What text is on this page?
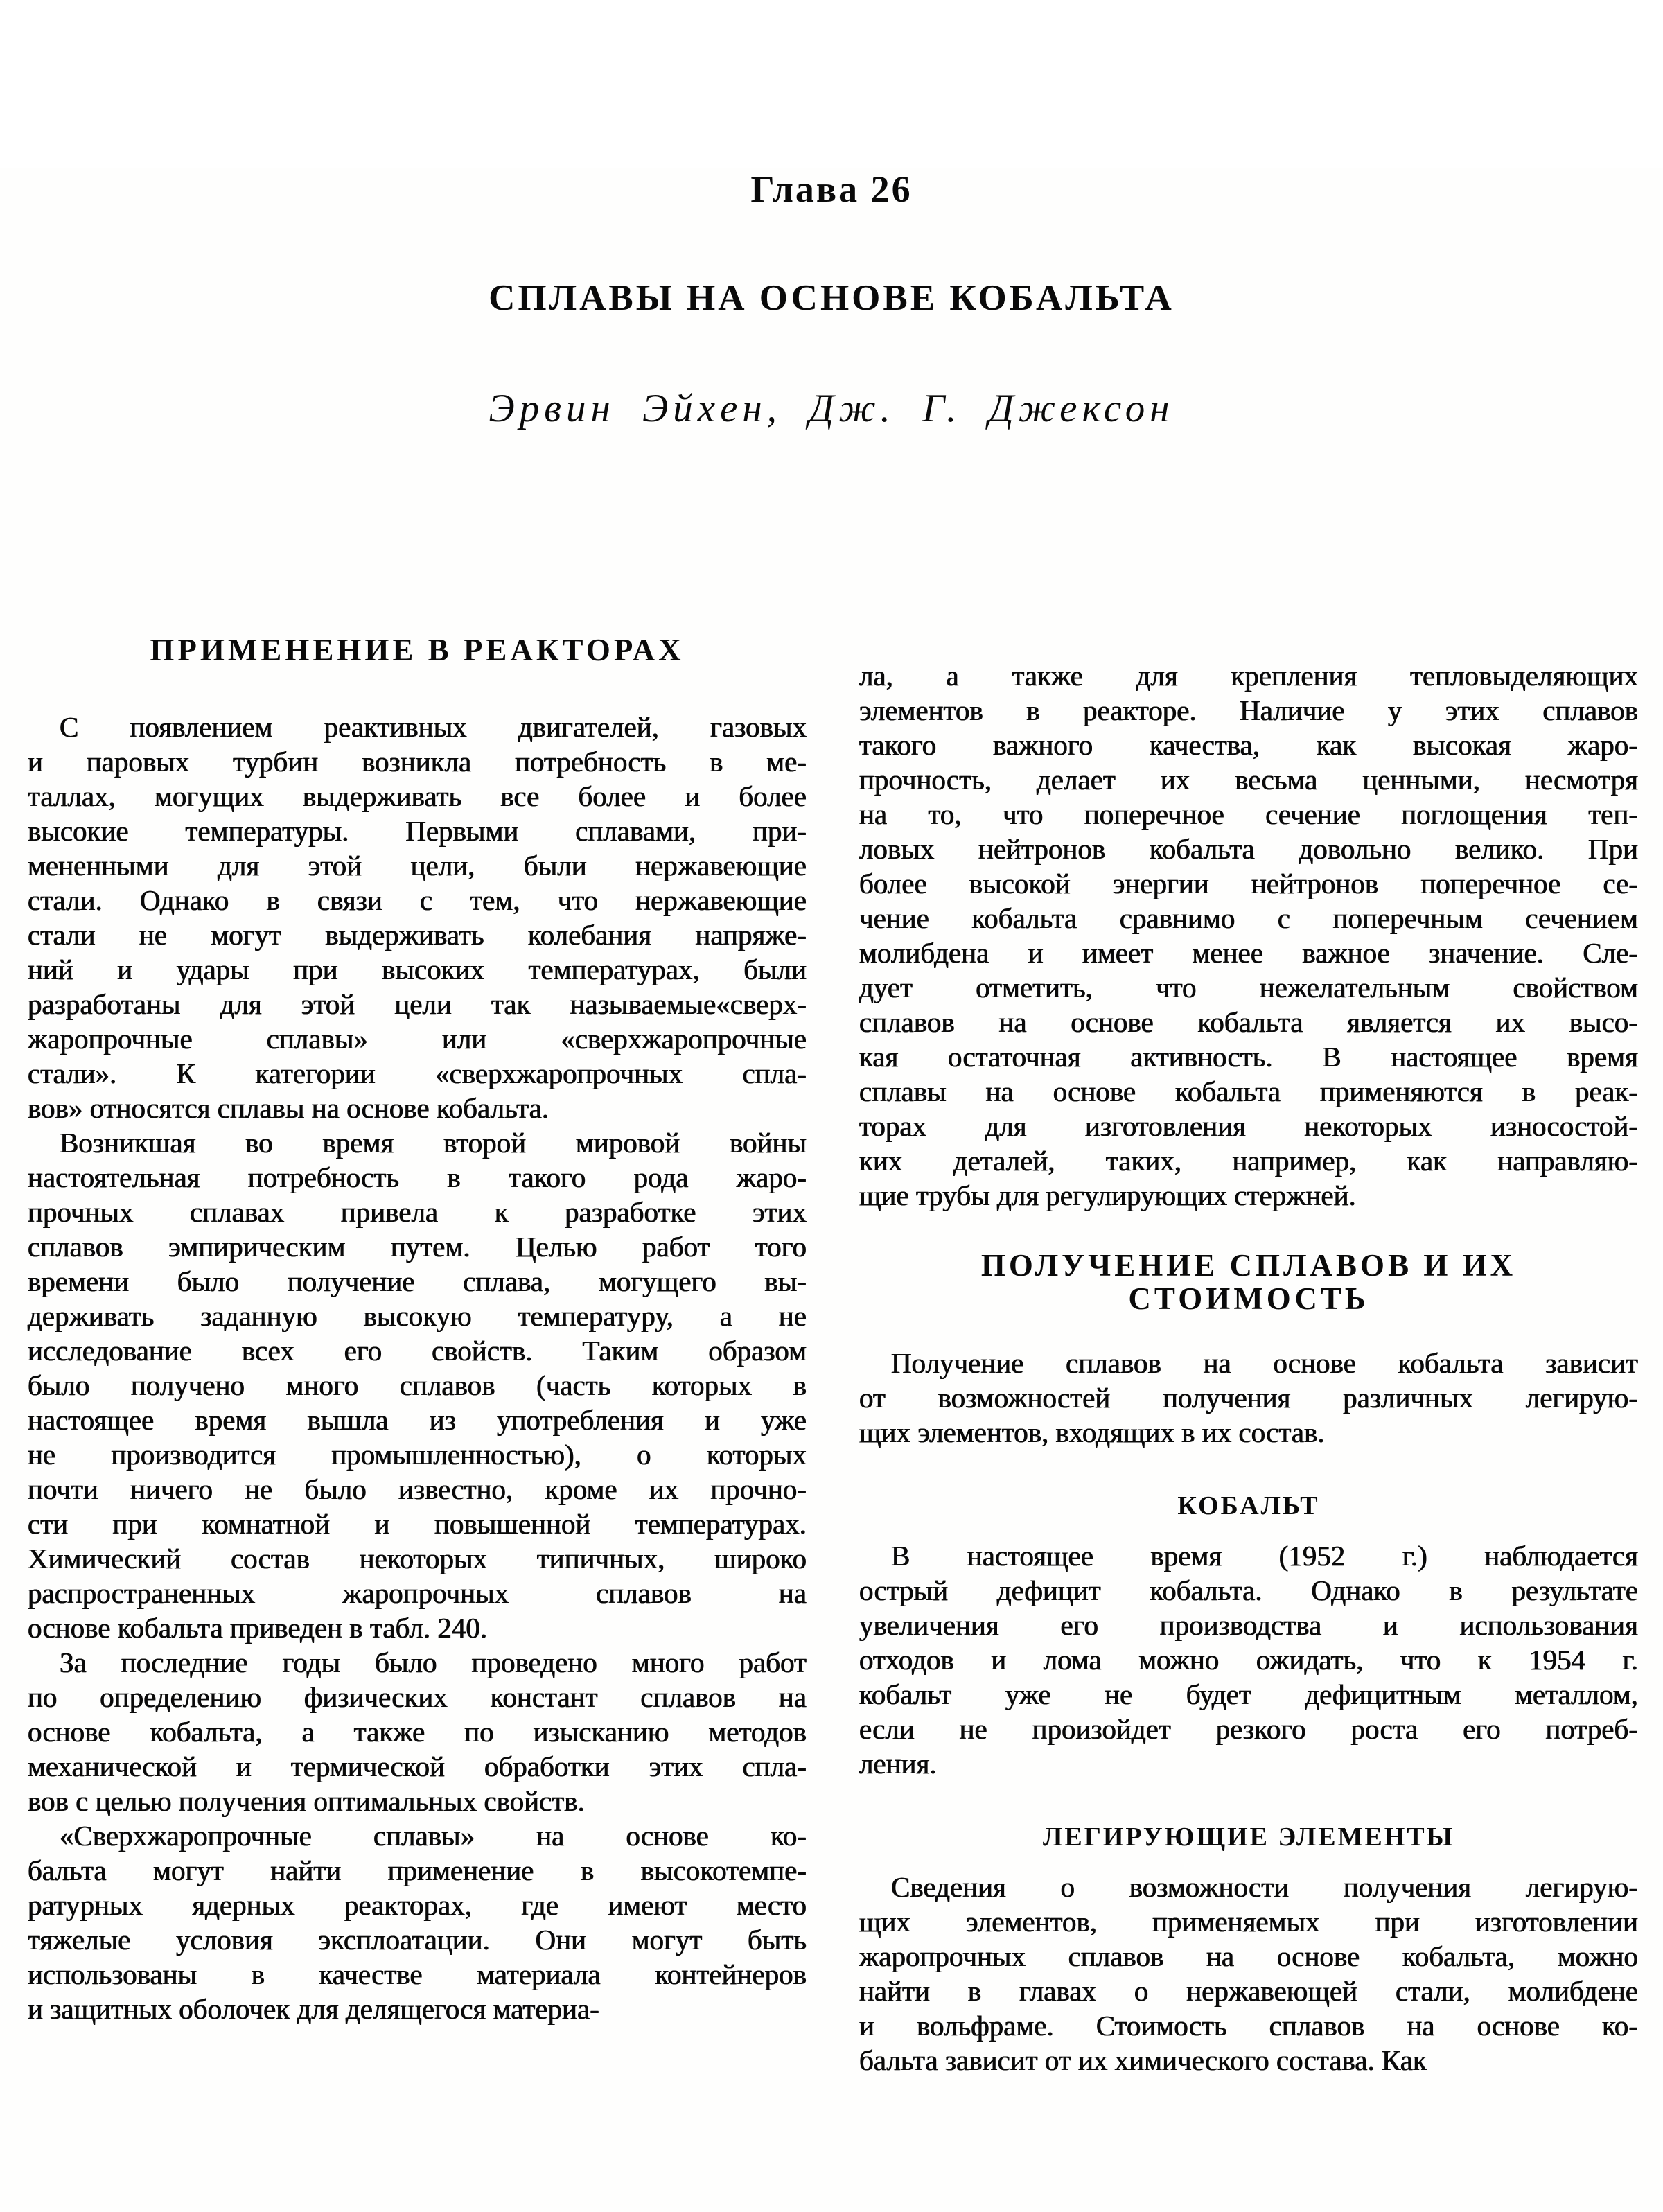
Глава 26
СПЛАВЫ НА ОСНОВЕ КОБАЛЬТА
Эрвин Эйхен, Дж. Г. Джексон
ПРИМЕНЕНИЕ В РЕАКТОРАХ
С появлением реактивных двигателей, газовых
и паровых турбин возникла потребность в ме-
таллах, могущих выдерживать все более и более
высокие температуры. Первыми сплавами, при-
мененными для этой цели, были нержавеющие
стали. Однако в связи с тем, что нержавеющие
стали не могут выдерживать колебания напряже-
ний и удары при высоких температурах, были
разработаны для этой цели так называемые«сверх-
жаропрочные сплавы» или «сверхжаропрочные
стали». К категории «сверхжаропрочных спла-
вов» относятся сплавы на основе кобальта.
Возникшая во время второй мировой войны
настоятельная потребность в такого рода жаро-
прочных сплавах привела к разработке этих
сплавов эмпирическим путем. Целью работ того
времени было получение сплава, могущего вы-
держивать заданную высокую температуру, а не
исследование всех его свойств. Таким образом
было получено много сплавов (часть которых в
настоящее время вышла из употребления и уже
не производится промышленностью), о которых
почти ничего не было известно, кроме их прочно-
сти при комнатной и повышенной температурах.
Химический состав некоторых типичных, широко
распространенных жаропрочных сплавов на
основе кобальта приведен в табл. 240.
За последние годы было проведено много работ
по определению физических констант сплавов на
основе кобальта, а также по изысканию методов
механической и термической обработки этих спла-
вов с целью получения оптимальных свойств.
«Сверхжаропрочные сплавы» на основе ко-
бальта могут найти применение в высокотемпе-
ратурных ядерных реакторах, где имеют место
тяжелые условия эксплоатации. Они могут быть
использованы в качестве материала контейнеров
и защитных оболочек для делящегося материа-
ла, а также для крепления тепловыделяющих
элементов в реакторе. Наличие у этих сплавов
такого важного качества, как высокая жаро-
прочность, делает их весьма ценными, несмотря
на то, что поперечное сечение поглощения теп-
ловых нейтронов кобальта довольно велико. При
более высокой энергии нейтронов поперечное се-
чение кобальта сравнимо с поперечным сечением
молибдена и имеет менее важное значение. Сле-
дует отметить, что нежелательным свойством
сплавов на основе кобальта является их высо-
кая остаточная активность. В настоящее время
сплавы на основе кобальта применяются в реак-
торах для изготовления некоторых износостой-
ких деталей, таких, например, как направляю-
щие трубы для регулирующих стержней.
ПОЛУЧЕНИЕ СПЛАВОВ И ИХ СТОИМОСТЬ
Получение сплавов на основе кобальта зависит
от возможностей получения различных легирую-
щих элементов, входящих в их состав.
КОБАЛЬТ
В настоящее время (1952 г.) наблюдается
острый дефицит кобальта. Однако в результате
увеличения его производства и использования
отходов и лома можно ожидать, что к 1954 г.
кобальт уже не будет дефицитным металлом,
если не произойдет резкого роста его потреб-
ления.
ЛЕГИРУЮЩИЕ ЭЛЕМЕНТЫ
Сведения о возможности получения легирую-
щих элементов, применяемых при изготовлении
жаропрочных сплавов на основе кобальта, можно
найти в главах о нержавеющей стали, молибдене
и вольфраме. Стоимость сплавов на основе ко-
бальта зависит от их химического состава. Как
